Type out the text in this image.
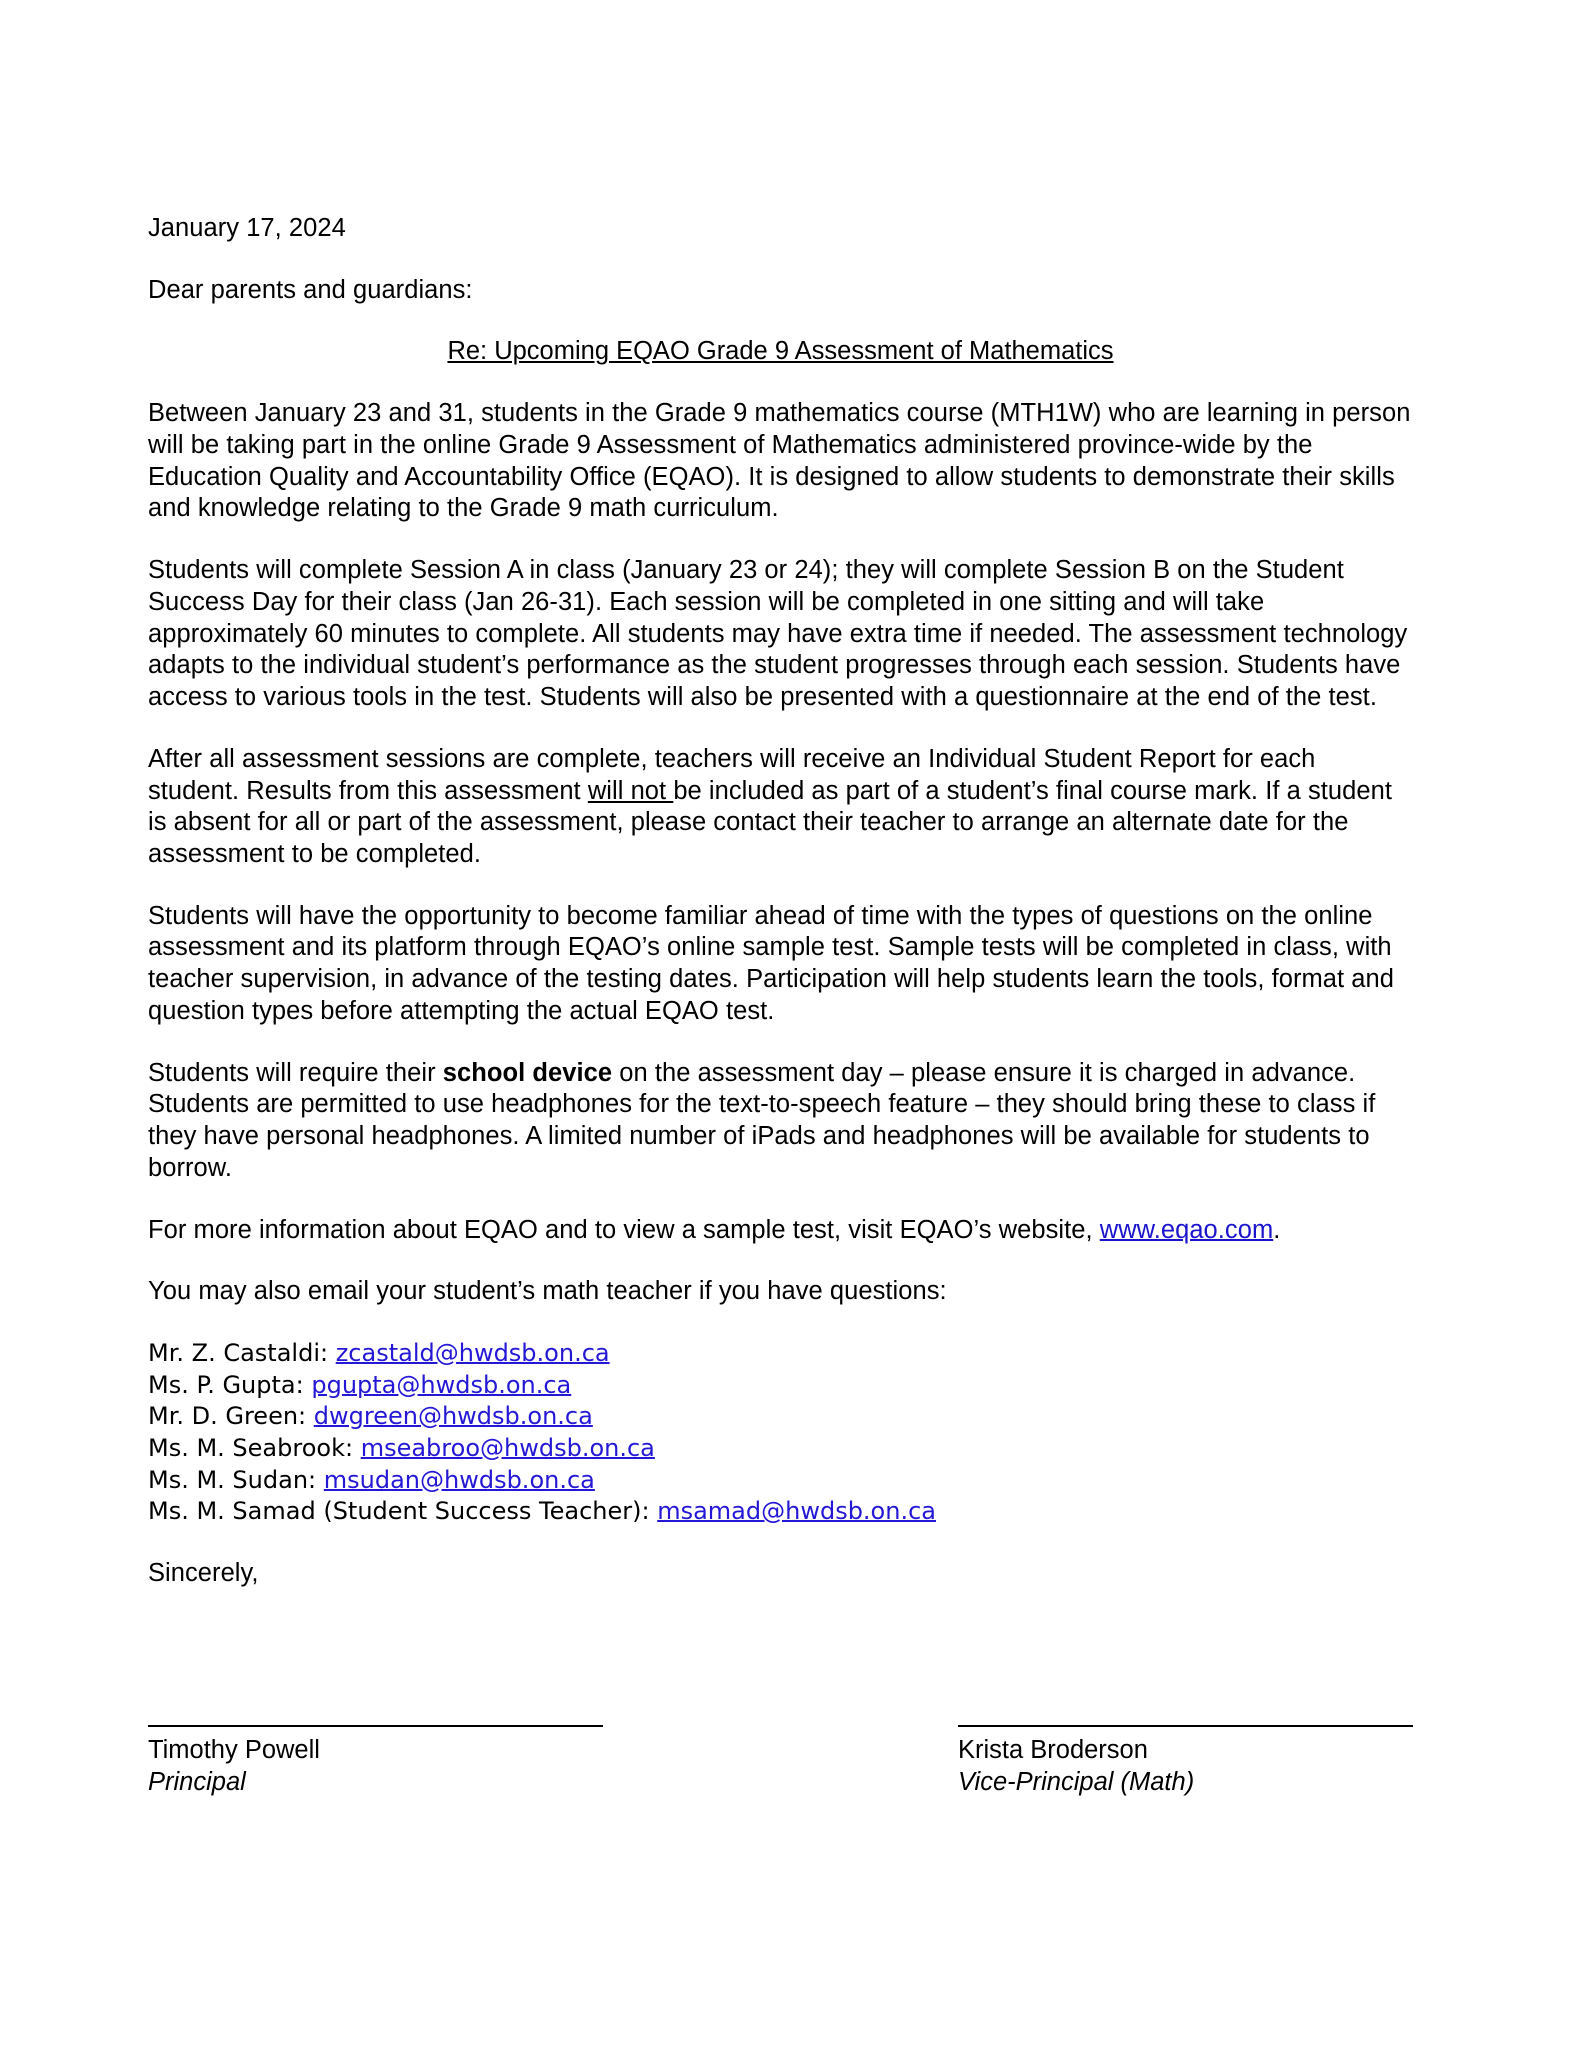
January 17, 2024

Dear parents and guardians:

Re: Upcoming EQAO Grade 9 Assessment of Mathematics

Between January 23 and 31, students in the Grade 9 mathematics course (MTH1W) who are learning in person will be taking part in the online Grade 9 Assessment of Mathematics administered province-wide by the Education Quality and Accountability Office (EQAO). It is designed to allow students to demonstrate their skills and knowledge relating to the Grade 9 math curriculum.

Students will complete Session A in class (January 23 or 24); they will complete Session B on the Student Success Day for their class (Jan 26-31). Each session will be completed in one sitting and will take approximately 60 minutes to complete. All students may have extra time if needed. The assessment technology adapts to the individual student’s performance as the student progresses through each session. Students have access to various tools in the test. Students will also be presented with a questionnaire at the end of the test.

After all assessment sessions are complete, teachers will receive an Individual Student Report for each student. Results from this assessment will not be included as part of a student’s final course mark. If a student is absent for all or part of the assessment, please contact their teacher to arrange an alternate date for the assessment to be completed.

Students will have the opportunity to become familiar ahead of time with the types of questions on the online assessment and its platform through EQAO’s online sample test. Sample tests will be completed in class, with teacher supervision, in advance of the testing dates. Participation will help students learn the tools, format and question types before attempting the actual EQAO test.

Students will require their school device on the assessment day – please ensure it is charged in advance. Students are permitted to use headphones for the text-to-speech feature – they should bring these to class if they have personal headphones. A limited number of iPads and headphones will be available for students to borrow.

For more information about EQAO and to view a sample test, visit EQAO’s website, www.eqao.com.

You may also email your student’s math teacher if you have questions:

Mr. Z. Castaldi: zcastald@hwdsb.on.ca
Ms. P. Gupta: pgupta@hwdsb.on.ca
Mr. D. Green: dwgreen@hwdsb.on.ca
Ms. M. Seabrook: mseabroo@hwdsb.on.ca
Ms. M. Sudan: msudan@hwdsb.on.ca
Ms. M. Samad (Student Success Teacher): msamad@hwdsb.on.ca

Sincerely,

Timothy Powell
Principal
Krista Broderson
Vice-Principal (Math)
